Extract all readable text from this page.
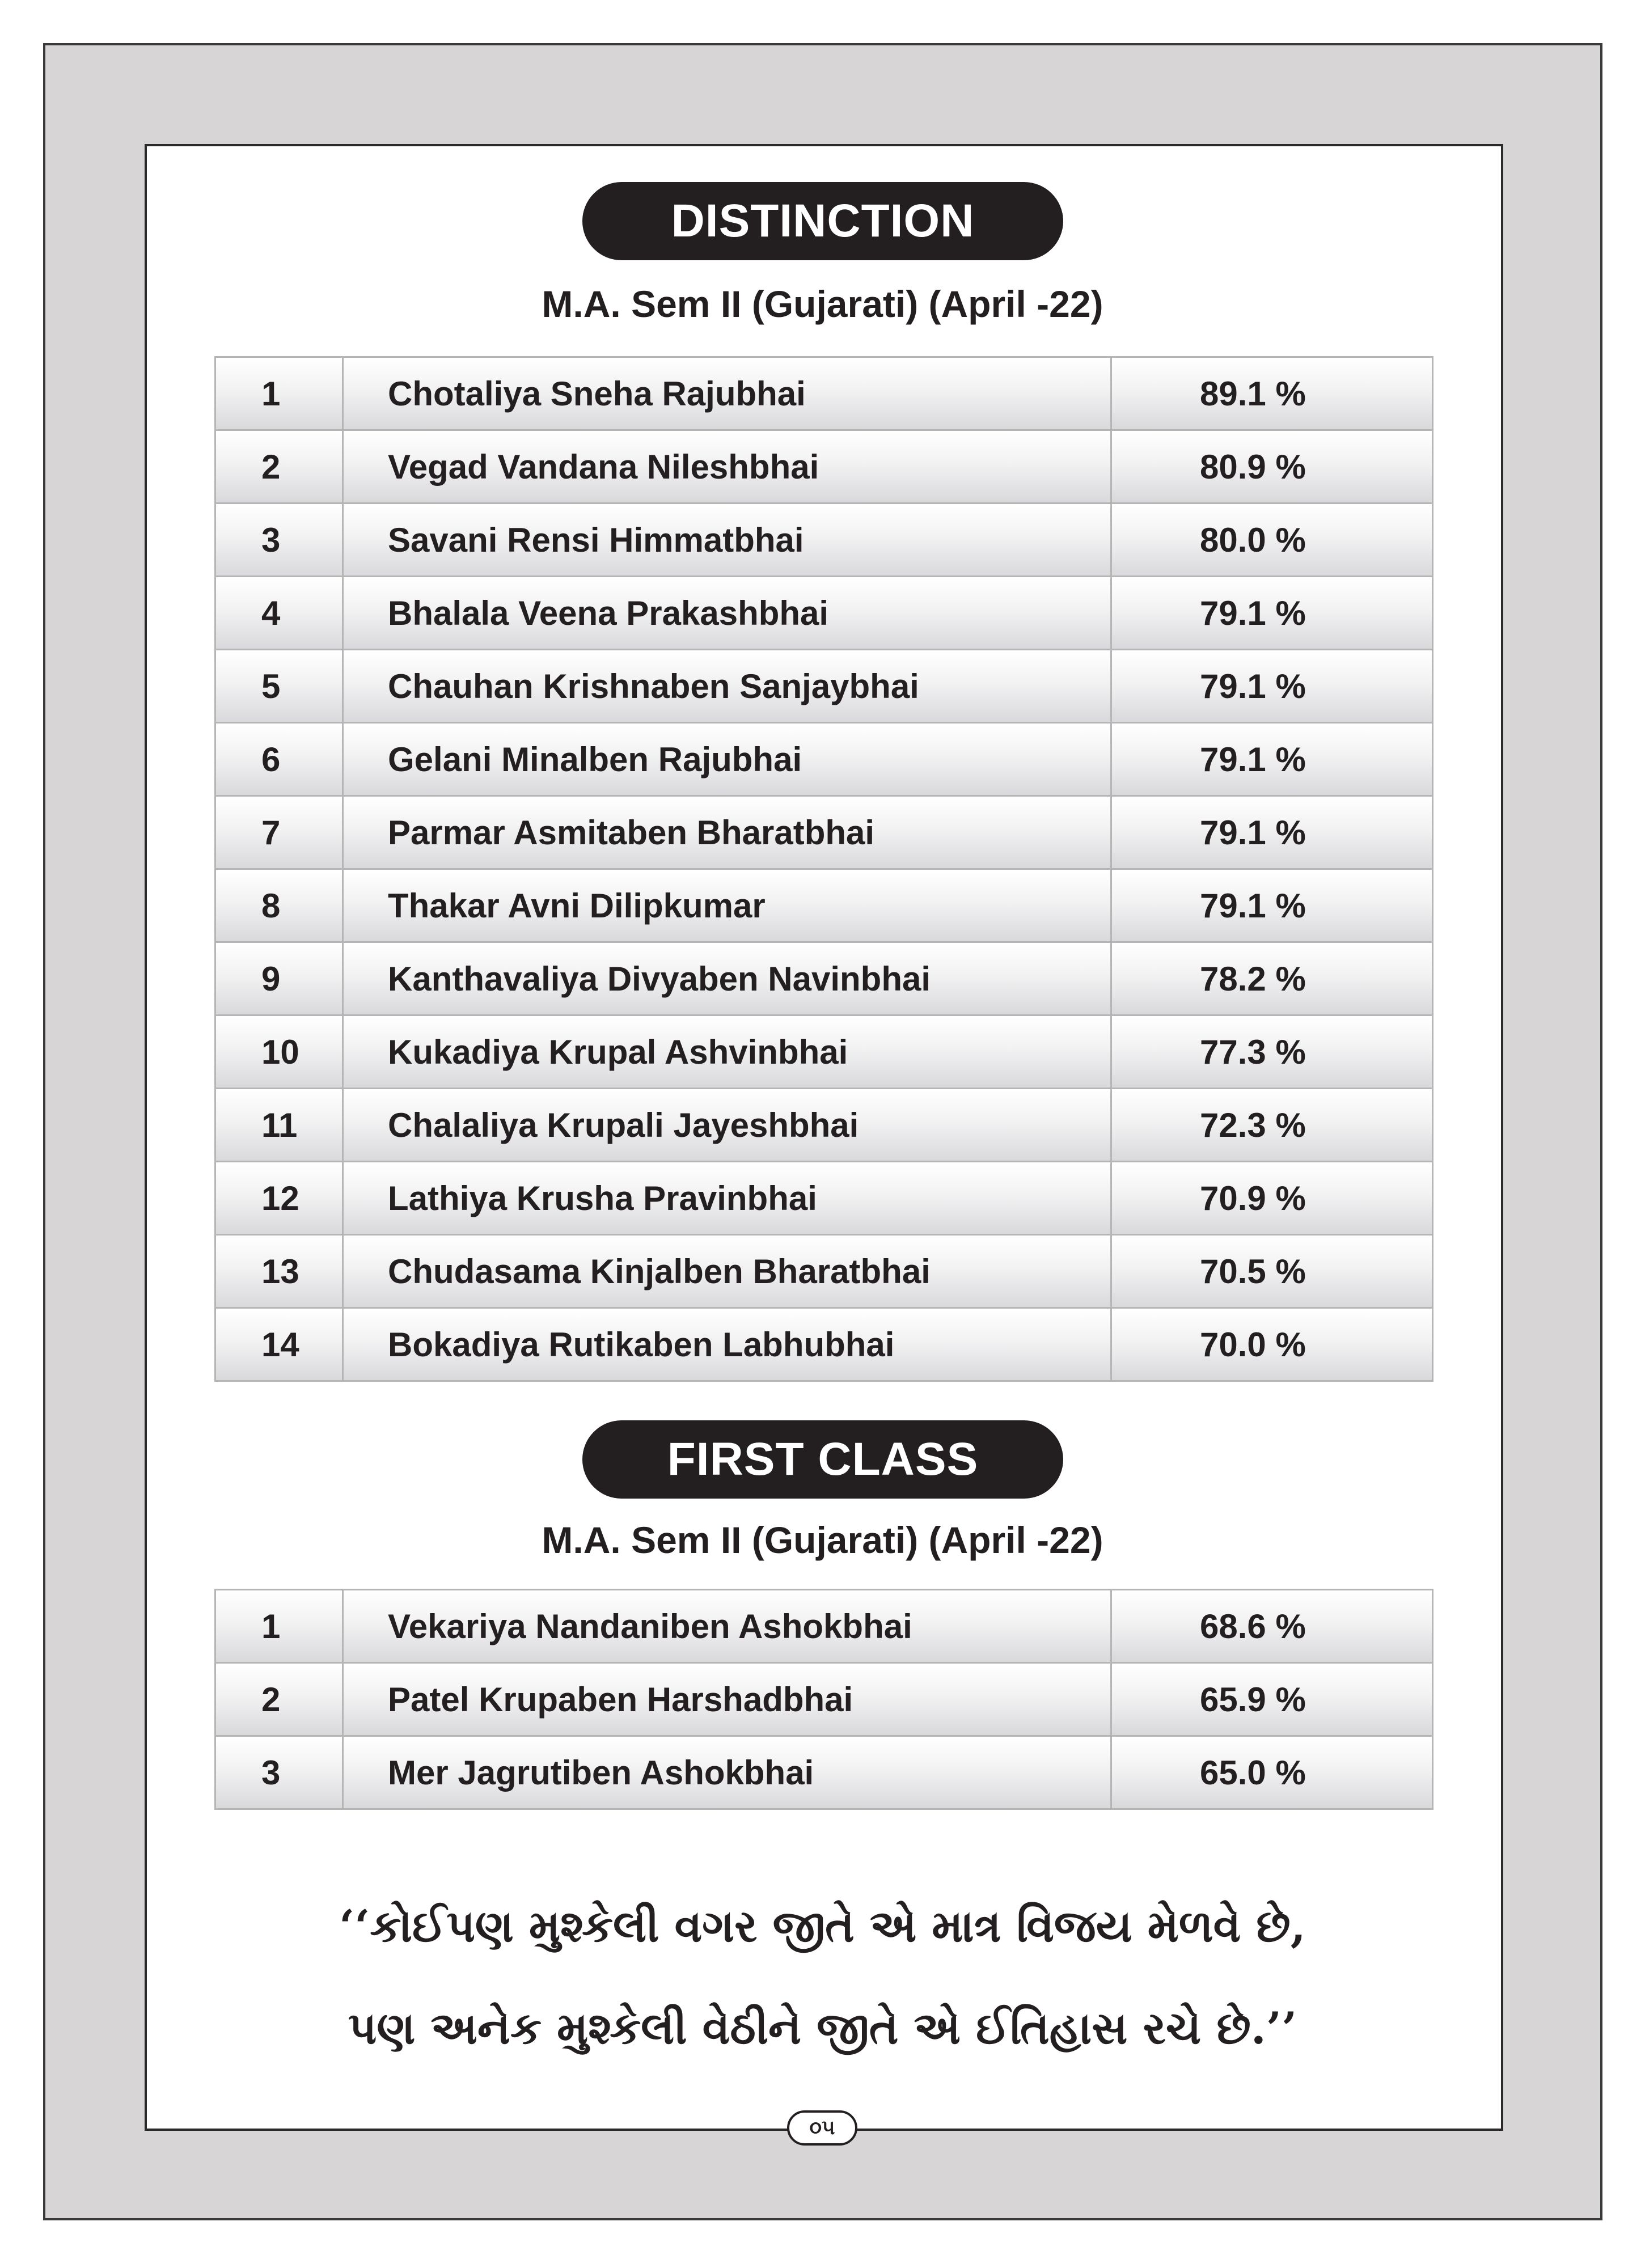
DISTINCTION
M.A. Sem II (Gujarati) (April -22)
1	Chotaliya Sneha Rajubhai	89.1 %
2	Vegad Vandana Nileshbhai	80.9 %
3	Savani Rensi Himmatbhai	80.0 %
4	Bhalala Veena Prakashbhai	79.1 %
5	Chauhan Krishnaben Sanjaybhai	79.1 %
6	Gelani Minalben Rajubhai	79.1 %
7	Parmar Asmitaben Bharatbhai	79.1 %
8	Thakar Avni Dilipkumar	79.1 %
9	Kanthavaliya Divyaben Navinbhai	78.2 %
10	Kukadiya Krupal Ashvinbhai	77.3 %
11	Chalaliya Krupali Jayeshbhai	72.3 %
12	Lathiya Krusha Pravinbhai	70.9 %
13	Chudasama Kinjalben Bharatbhai	70.5 %
14	Bokadiya Rutikaben Labhubhai	70.0 %
FIRST CLASS
M.A. Sem II (Gujarati) (April -22)
1	Vekariya Nandaniben Ashokbhai	68.6 %
2	Patel Krupaben Harshadbhai	65.9 %
3	Mer Jagrutiben Ashokbhai	65.0 %
‘‘કોઈપણ મુશ્કેલી વગર જીતે એ માત્ર વિજય મેળવે છે,
પણ અનેક મુશ્કેલી વેઠીને જીતે એ ઈતિહાસ રચે છે.’’
૦૫
